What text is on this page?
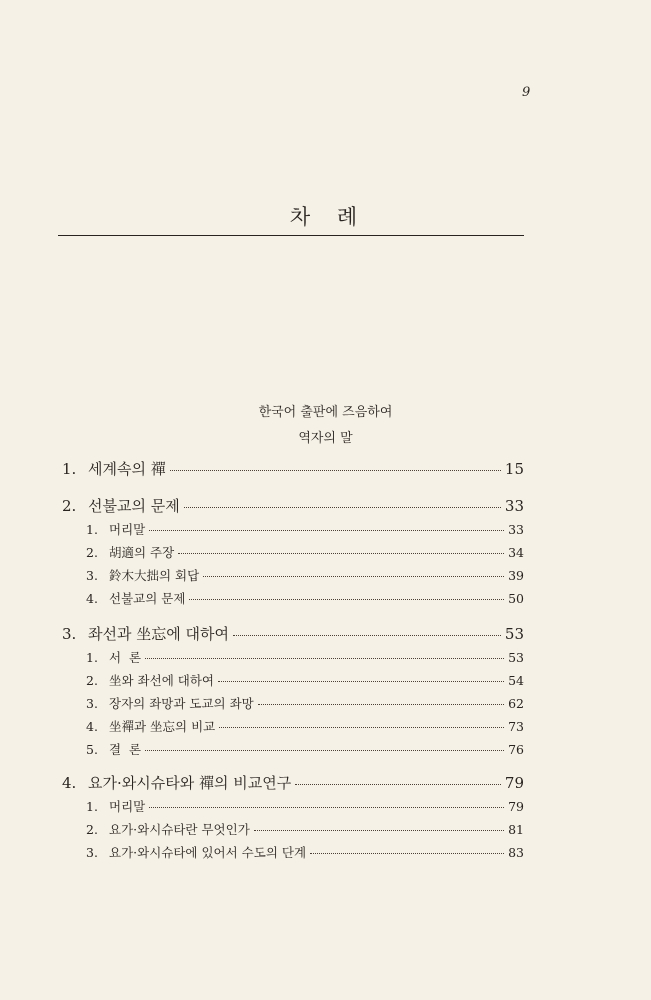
9
차 례
한국어 출판에 즈음하여
역자의 말
1. 세계속의 禪	15
2. 선불교의 문제	33
1. 머리말	33
2. 胡適의 주장	34
3. 鈴木大拙의 회답	39
4. 선불교의 문제	50
3. 좌선과 坐忘에 대하여	53
1. 서  론	53
2. 坐와 좌선에 대하여	54
3. 장자의 좌망과 도교의 좌망	62
4. 坐禪과 坐忘의 비교	73
5. 결  론	76
4. 요가·와시슈타와 禪의 비교연구	79
1. 머리말	79
2. 요가·와시슈타란 무엇인가	81
3. 요가·와시슈타에 있어서 수도의 단계	83
